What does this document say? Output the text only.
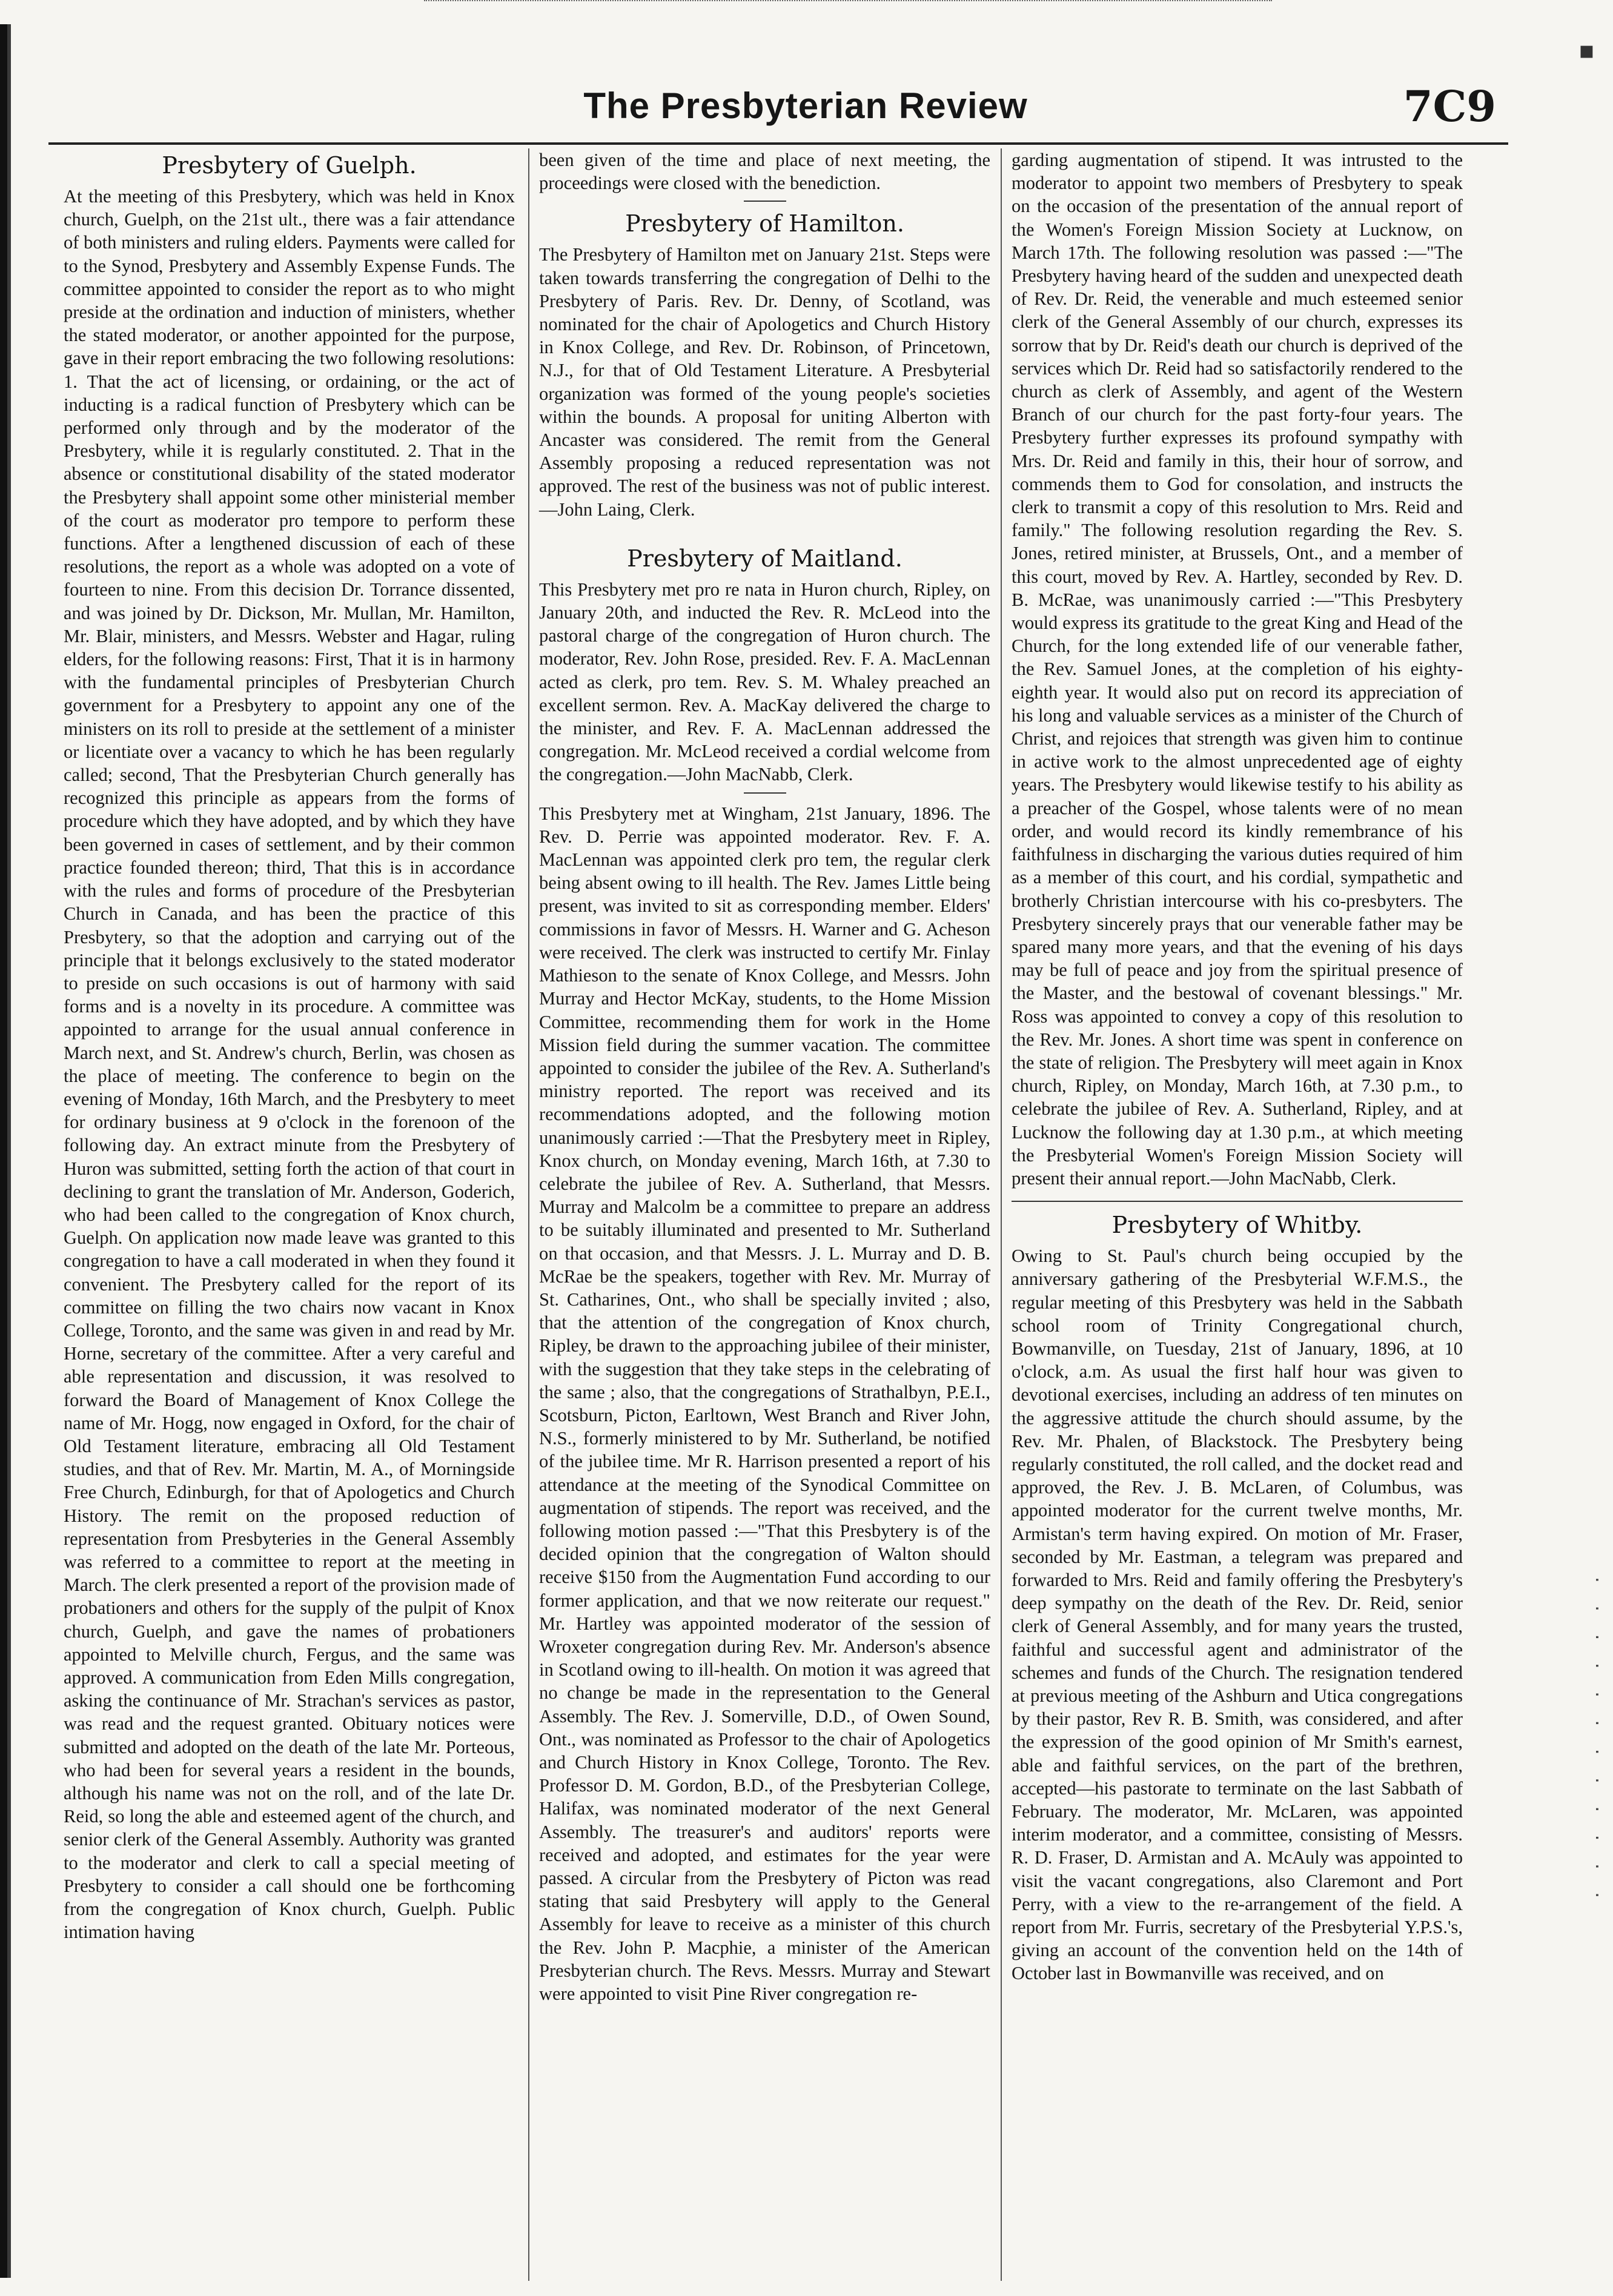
▪
The Presbyterian Review	7C9
Presbytery of Guelph.

At the meeting of this Presbytery, which was held in Knox church, Guelph, on the 21st ult., there was a fair attendance of both ministers and ruling elders. Payments were called for to the Synod, Presbytery and Assembly Expense Funds. The committee appointed to consider the report as to who might preside at the ordination and induction of ministers, whether the stated moderator, or another appointed for the purpose, gave in their report embracing the two following resolutions: 1. That the act of licensing, or ordaining, or the act of inducting is a radical function of Presbytery which can be performed only through and by the moderator of the Presbytery, while it is regularly constituted. 2. That in the absence or constitutional disability of the stated moderator the Presbytery shall appoint some other ministerial member of the court as moderator pro tempore to perform these functions. After a lengthened discussion of each of these resolutions, the report as a whole was adopted on a vote of fourteen to nine. From this decision Dr. Torrance dissented, and was joined by Dr. Dickson, Mr. Mullan, Mr. Hamilton, Mr. Blair, ministers, and Messrs. Webster and Hagar, ruling elders, for the following reasons: First, That it is in harmony with the fundamental principles of Presbyterian Church government for a Presbytery to appoint any one of the ministers on its roll to preside at the settlement of a minister or licentiate over a vacancy to which he has been regularly called; second, That the Presbyterian Church generally has recognized this principle as appears from the forms of procedure which they have adopted, and by which they have been governed in cases of settlement, and by their common practice founded thereon; third, That this is in accordance with the rules and forms of procedure of the Presbyterian Church in Canada, and has been the practice of this Presbytery, so that the adoption and carrying out of the principle that it belongs exclusively to the stated moderator to preside on such occasions is out of harmony with said forms and is a novelty in its procedure. A committee was appointed to arrange for the usual annual conference in March next, and St. Andrew's church, Berlin, was chosen as the place of meeting. The conference to begin on the evening of Monday, 16th March, and the Presbytery to meet for ordinary business at 9 o'clock in the forenoon of the following day. An extract minute from the Presbytery of Huron was submitted, setting forth the action of that court in declining to grant the translation of Mr. Anderson, Goderich, who had been called to the congregation of Knox church, Guelph. On application now made leave was granted to this congregation to have a call moderated in when they found it convenient. The Presbytery called for the report of its committee on filling the two chairs now vacant in Knox College, Toronto, and the same was given in and read by Mr. Horne, secretary of the committee. After a very careful and able representation and discussion, it was resolved to forward the Board of Management of Knox College the name of Mr. Hogg, now engaged in Oxford, for the chair of Old Testament literature, embracing all Old Testament studies, and that of Rev. Mr. Martin, M. A., of Morningside Free Church, Edinburgh, for that of Apologetics and Church History. The remit on the proposed reduction of representation from Presbyteries in the General Assembly was referred to a committee to report at the meeting in March. The clerk presented a report of the provision made of probationers and others for the supply of the pulpit of Knox church, Guelph, and gave the names of probationers appointed to Melville church, Fergus, and the same was approved. A communication from Eden Mills congregation, asking the continuance of Mr. Strachan's services as pastor, was read and the request granted. Obituary notices were submitted and adopted on the death of the late Mr. Porteous, who had been for several years a resident in the bounds, although his name was not on the roll, and of the late Dr. Reid, so long the able and esteemed agent of the church, and senior clerk of the General Assembly. Authority was granted to the moderator and clerk to call a special meeting of Presbytery to consider a call should one be forthcoming from the congregation of Knox church, Guelph. Public intimation having

been given of the time and place of next meeting, the proceedings were closed with the benediction.

Presbytery of Hamilton.

The Presbytery of Hamilton met on January 21st. Steps were taken towards transferring the congregation of Delhi to the Presbytery of Paris. Rev. Dr. Denny, of Scotland, was nominated for the chair of Apologetics and Church History in Knox College, and Rev. Dr. Robinson, of Princetown, N.J., for that of Old Testament Literature. A Presbyterial organization was formed of the young people's societies within the bounds. A proposal for uniting Alberton with Ancaster was considered. The remit from the General Assembly proposing a reduced representation was not approved. The rest of the business was not of public interest.—John Laing, Clerk.

Presbytery of Maitland.

This Presbytery met pro re nata in Huron church, Ripley, on January 20th, and inducted the Rev. R. McLeod into the pastoral charge of the congregation of Huron church. The moderator, Rev. John Rose, presided. Rev. F. A. MacLennan acted as clerk, pro tem. Rev. S. M. Whaley preached an excellent sermon. Rev. A. MacKay delivered the charge to the minister, and Rev. F. A. MacLennan addressed the congregation. Mr. McLeod received a cordial welcome from the congregation.—John MacNabb, Clerk.

This Presbytery met at Wingham, 21st January, 1896. The Rev. D. Perrie was appointed moderator. Rev. F. A. MacLennan was appointed clerk pro tem, the regular clerk being absent owing to ill health. The Rev. James Little being present, was invited to sit as corresponding member. Elders' commissions in favor of Messrs. H. Warner and G. Acheson were received. The clerk was instructed to certify Mr. Finlay Mathieson to the senate of Knox College, and Messrs. John Murray and Hector McKay, students, to the Home Mission Committee, recommending them for work in the Home Mission field during the summer vacation. The committee appointed to consider the jubilee of the Rev. A. Sutherland's ministry reported. The report was received and its recommendations adopted, and the following motion unanimously carried :—That the Presbytery meet in Ripley, Knox church, on Monday evening, March 16th, at 7.30 to celebrate the jubilee of Rev. A. Sutherland, that Messrs. Murray and Malcolm be a committee to prepare an address to be suitably illuminated and presented to Mr. Sutherland on that occasion, and that Messrs. J. L. Murray and D. B. McRae be the speakers, together with Rev. Mr. Murray of St. Catharines, Ont., who shall be specially invited ; also, that the attention of the congregation of Knox church, Ripley, be drawn to the approaching jubilee of their minister, with the suggestion that they take steps in the celebrating of the same ; also, that the congregations of Strathalbyn, P.E.I., Scotsburn, Picton, Earltown, West Branch and River John, N.S., formerly ministered to by Mr. Sutherland, be notified of the jubilee time. Mr R. Harrison presented a report of his attendance at the meeting of the Synodical Committee on augmentation of stipends. The report was received, and the following motion passed :—"That this Presbytery is of the decided opinion that the congregation of Walton should receive $150 from the Augmentation Fund according to our former application, and that we now reiterate our request." Mr. Hartley was appointed moderator of the session of Wroxeter congregation during Rev. Mr. Anderson's absence in Scotland owing to ill-health. On motion it was agreed that no change be made in the representation to the General Assembly. The Rev. J. Somerville, D.D., of Owen Sound, Ont., was nominated as Professor to the chair of Apologetics and Church History in Knox College, Toronto. The Rev. Professor D. M. Gordon, B.D., of the Presbyterian College, Halifax, was nominated moderator of the next General Assembly. The treasurer's and auditors' reports were received and adopted, and estimates for the year were passed. A circular from the Presbytery of Picton was read stating that said Presbytery will apply to the General Assembly for leave to receive as a minister of this church the Rev. John P. Macphie, a minister of the American Presbyterian church. The Revs. Messrs. Murray and Stewart were appointed to visit Pine River congregation re-

garding augmentation of stipend. It was intrusted to the moderator to appoint two members of Presbytery to speak on the occasion of the presentation of the annual report of the Women's Foreign Mission Society at Lucknow, on March 17th. The following resolution was passed :—"The Presbytery having heard of the sudden and unexpected death of Rev. Dr. Reid, the venerable and much esteemed senior clerk of the General Assembly of our church, expresses its sorrow that by Dr. Reid's death our church is deprived of the services which Dr. Reid had so satisfactorily rendered to the church as clerk of Assembly, and agent of the Western Branch of our church for the past forty-four years. The Presbytery further expresses its profound sympathy with Mrs. Dr. Reid and family in this, their hour of sorrow, and commends them to God for consolation, and instructs the clerk to transmit a copy of this resolution to Mrs. Reid and family." The following resolution regarding the Rev. S. Jones, retired minister, at Brussels, Ont., and a member of this court, moved by Rev. A. Hartley, seconded by Rev. D. B. McRae, was unanimously carried :—"This Presbytery would express its gratitude to the great King and Head of the Church, for the long extended life of our venerable father, the Rev. Samuel Jones, at the completion of his eighty-eighth year. It would also put on record its appreciation of his long and valuable services as a minister of the Church of Christ, and rejoices that strength was given him to continue in active work to the almost unprecedented age of eighty years. The Presbytery would likewise testify to his ability as a preacher of the Gospel, whose talents were of no mean order, and would record its kindly remembrance of his faithfulness in discharging the various duties required of him as a member of this court, and his cordial, sympathetic and brotherly Christian intercourse with his co-presbyters. The Presbytery sincerely prays that our venerable father may be spared many more years, and that the evening of his days may be full of peace and joy from the spiritual presence of the Master, and the bestowal of covenant blessings." Mr. Ross was appointed to convey a copy of this resolution to the Rev. Mr. Jones. A short time was spent in conference on the state of religion. The Presbytery will meet again in Knox church, Ripley, on Monday, March 16th, at 7.30 p.m., to celebrate the jubilee of Rev. A. Sutherland, Ripley, and at Lucknow the following day at 1.30 p.m., at which meeting the Presbyterial Women's Foreign Mission Society will present their annual report.—John MacNabb, Clerk.

Presbytery of Whitby.

Owing to St. Paul's church being occupied by the anniversary gathering of the Presbyterial W.F.M.S., the regular meeting of this Presbytery was held in the Sabbath school room of Trinity Congregational church, Bowmanville, on Tuesday, 21st of January, 1896, at 10 o'clock, a.m. As usual the first half hour was given to devotional exercises, including an address of ten minutes on the aggressive attitude the church should assume, by the Rev. Mr. Phalen, of Blackstock. The Presbytery being regularly constituted, the roll called, and the docket read and approved, the Rev. J. B. McLaren, of Columbus, was appointed moderator for the current twelve months, Mr. Armistan's term having expired. On motion of Mr. Fraser, seconded by Mr. Eastman, a telegram was prepared and forwarded to Mrs. Reid and family offering the Presbytery's deep sympathy on the death of the Rev. Dr. Reid, senior clerk of General Assembly, and for many years the trusted, faithful and successful agent and administrator of the schemes and funds of the Church. The resignation tendered at previous meeting of the Ashburn and Utica congregations by their pastor, Rev R. B. Smith, was considered, and after the expression of the good opinion of Mr Smith's earnest, able and faithful services, on the part of the brethren, accepted—his pastorate to terminate on the last Sabbath of February. The moderator, Mr. McLaren, was appointed interim moderator, and a committee, consisting of Messrs. R. D. Fraser, D. Armistan and A. McAuly was appointed to visit the vacant congregations, also Claremont and Port Perry, with a view to the re-arrangement of the field. A report from Mr. Furris, secretary of the Presbyterial Y.P.S.'s, giving an account of the convention held on the 14th of October last in Bowmanville was received, and on

· · · · · · · · · · · ·
